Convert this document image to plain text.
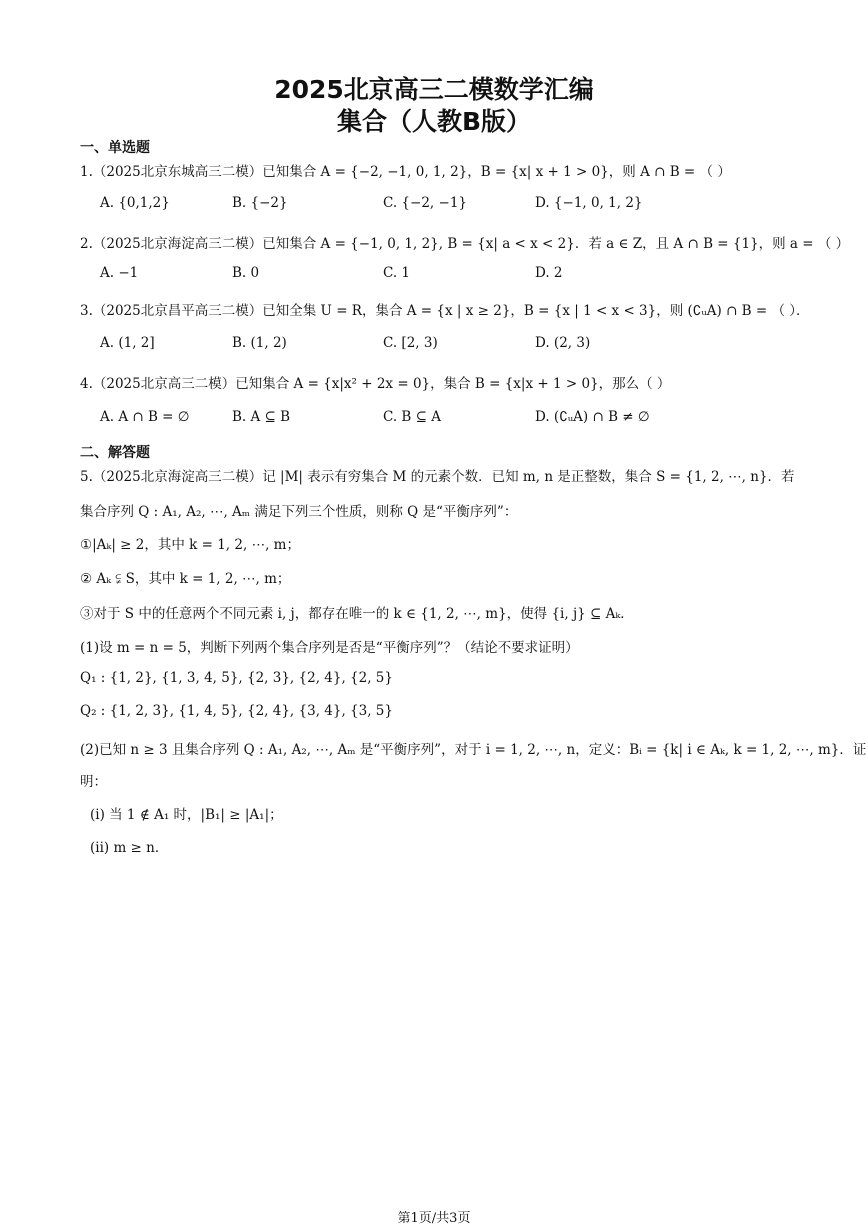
2025北京高三二模数学汇编
集合（人教B版）
一、单选题
1.（2025北京东城高三二模）已知集合 A = {−2, −1, 0, 1, 2}，B = {x| x + 1 > 0}，则 A ∩ B = （ ）
A. {0,1,2}	B. {−2}	C. {−2, −1}	D. {−1, 0, 1, 2}
2.（2025北京海淀高三二模）已知集合 A = {−1, 0, 1, 2}, B = {x| a < x < 2}．若 a ∈ Z，且 A ∩ B = {1}，则 a = （ ）
A. −1	B. 0	C. 1	D. 2
3.（2025北京昌平高三二模）已知全集 U = R，集合 A = {x | x ≥ 2}，B = {x | 1 < x < 3}，则 (∁ᵤA) ∩ B = （ ）．
A. (1, 2]	B. (1, 2)	C. [2, 3)	D. (2, 3)
4.（2025北京高三二模）已知集合 A = {x|x² + 2x = 0}，集合 B = {x|x + 1 > 0}，那么（ ）
A. A ∩ B = ∅	B. A ⊆ B	C. B ⊆ A	D. (∁ᵤA) ∩ B ≠ ∅
二、解答题
5.（2025北京海淀高三二模）记 |M| 表示有穷集合 M 的元素个数．已知 m, n 是正整数，集合 S = {1, 2, ⋯, n}．若
集合序列 Q : A₁, A₂, ⋯, Aₘ 满足下列三个性质，则称 Q 是“平衡序列”：
①|Aₖ| ≥ 2，其中 k = 1, 2, ⋯, m；
② Aₖ ⫋ S，其中 k = 1, 2, ⋯, m；
③对于 S 中的任意两个不同元素 i, j，都存在唯一的 k ∈ {1, 2, ⋯, m}，使得 {i, j} ⊆ Aₖ．
(1)设 m = n = 5，判断下列两个集合序列是否是“平衡序列”？（结论不要求证明）
Q₁ : {1, 2}, {1, 3, 4, 5}, {2, 3}, {2, 4}, {2, 5}
Q₂ : {1, 2, 3}, {1, 4, 5}, {2, 4}, {3, 4}, {3, 5}
(2)已知 n ≥ 3 且集合序列 Q : A₁, A₂, ⋯, Aₘ 是“平衡序列”，对于 i = 1, 2, ⋯, n，定义：Bᵢ = {k| i ∈ Aₖ, k = 1, 2, ⋯, m}．证
明：
(i) 当 1 ∉ A₁ 时，|B₁| ≥ |A₁|；
(ii) m ≥ n．
第1页/共3页
